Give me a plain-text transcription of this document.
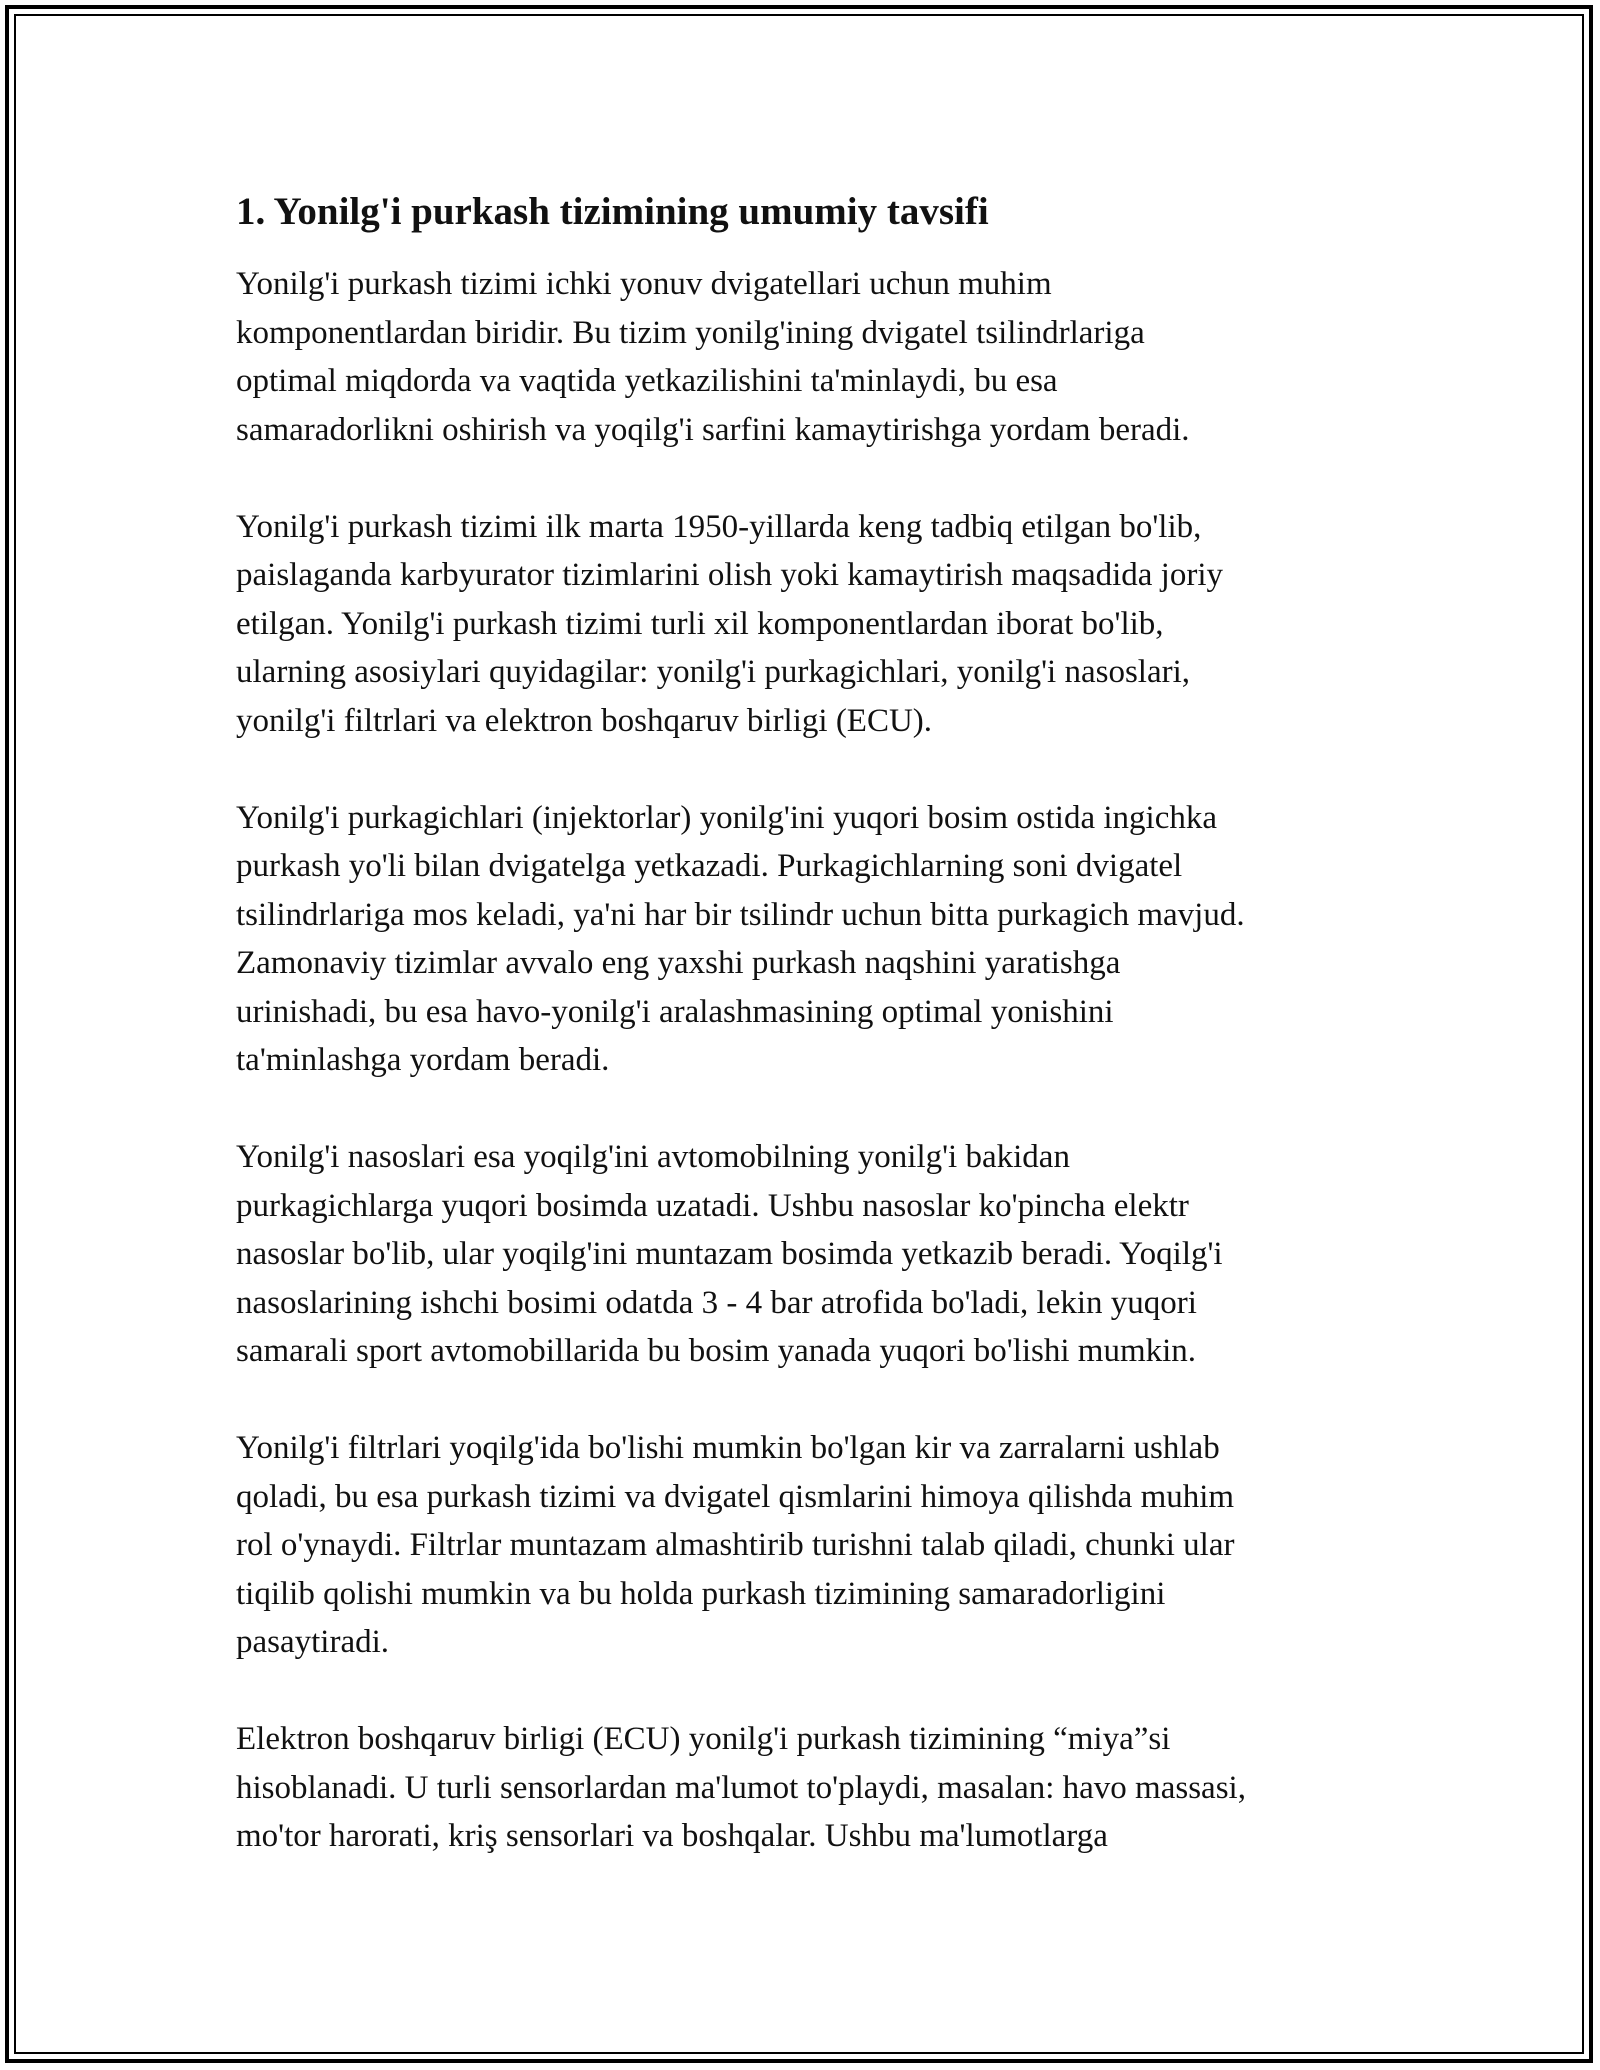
1. Yonilg'i purkash tizimining umumiy tavsifi

Yonilg'i purkash tizimi ichki yonuv dvigatellari uchun muhim
komponentlardan biridir. Bu tizim yonilg'ining dvigatel tsilindrlariga
optimal miqdorda va vaqtida yetkazilishini ta'minlaydi, bu esa
samaradorlikni oshirish va yoqilg'i sarfini kamaytirishga yordam beradi.

Yonilg'i purkash tizimi ilk marta 1950-yillarda keng tadbiq etilgan bo'lib,
paislaganda karbyurator tizimlarini olish yoki kamaytirish maqsadida joriy
etilgan. Yonilg'i purkash tizimi turli xil komponentlardan iborat bo'lib,
ularning asosiylari quyidagilar: yonilg'i purkagichlari, yonilg'i nasoslari,
yonilg'i filtrlari va elektron boshqaruv birligi (ECU).

Yonilg'i purkagichlari (injektorlar) yonilg'ini yuqori bosim ostida ingichka
purkash yo'li bilan dvigatelga yetkazadi. Purkagichlarning soni dvigatel
tsilindrlariga mos keladi, ya'ni har bir tsilindr uchun bitta purkagich mavjud.
Zamonaviy tizimlar avvalo eng yaxshi purkash naqshini yaratishga
urinishadi, bu esa havo-yonilg'i aralashmasining optimal yonishini
ta'minlashga yordam beradi.

Yonilg'i nasoslari esa yoqilg'ini avtomobilning yonilg'i bakidan
purkagichlarga yuqori bosimda uzatadi. Ushbu nasoslar ko'pincha elektr
nasoslar bo'lib, ular yoqilg'ini muntazam bosimda yetkazib beradi. Yoqilg'i
nasoslarining ishchi bosimi odatda 3 - 4 bar atrofida bo'ladi, lekin yuqori
samarali sport avtomobillarida bu bosim yanada yuqori bo'lishi mumkin.

Yonilg'i filtrlari yoqilg'ida bo'lishi mumkin bo'lgan kir va zarralarni ushlab
qoladi, bu esa purkash tizimi va dvigatel qismlarini himoya qilishda muhim
rol o'ynaydi. Filtrlar muntazam almashtirib turishni talab qiladi, chunki ular
tiqilib qolishi mumkin va bu holda purkash tizimining samaradorligini
pasaytiradi.

Elektron boshqaruv birligi (ECU) yonilg'i purkash tizimining “miya”si
hisoblanadi. U turli sensorlardan ma'lumot to'playdi, masalan: havo massasi,
mo'tor harorati, kriş sensorlari va boshqalar. Ushbu ma'lumotlarga
